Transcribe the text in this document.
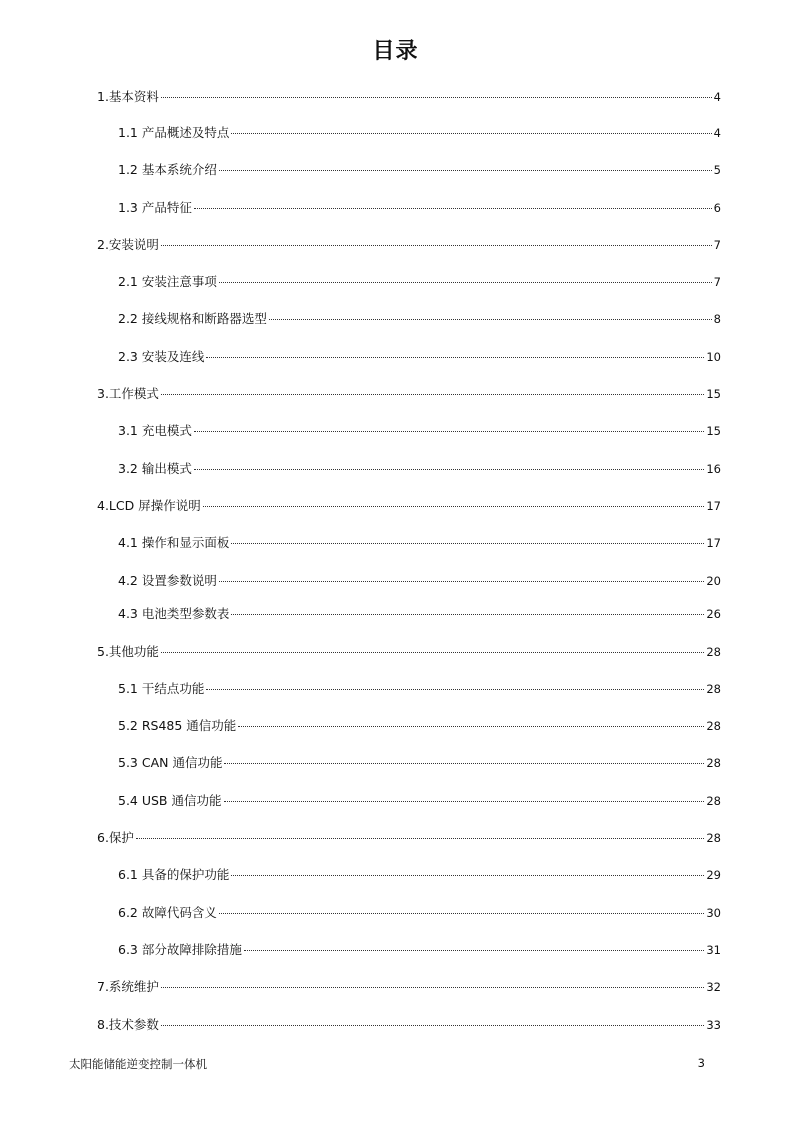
目录
1.基本资料	4
1.1 产品概述及特点	4
1.2 基本系统介绍	5
1.3 产品特征	6
2.安装说明	7
2.1 安装注意事项	7
2.2 接线规格和断路器选型	8
2.3 安装及连线	10
3.工作模式	15
3.1 充电模式	15
3.2 输出模式	16
4.LCD 屏操作说明	17
4.1 操作和显示面板	17
4.2 设置参数说明	20
4.3 电池类型参数表	26
5.其他功能	28
5.1 干结点功能	28
5.2 RS485 通信功能	28
5.3 CAN 通信功能	28
5.4 USB 通信功能	28
6.保护	28
6.1 具备的保护功能	29
6.2 故障代码含义	30
6.3 部分故障排除措施	31
7.系统维护	32
8.技术参数	33
太阳能储能逆变控制一体机	3
